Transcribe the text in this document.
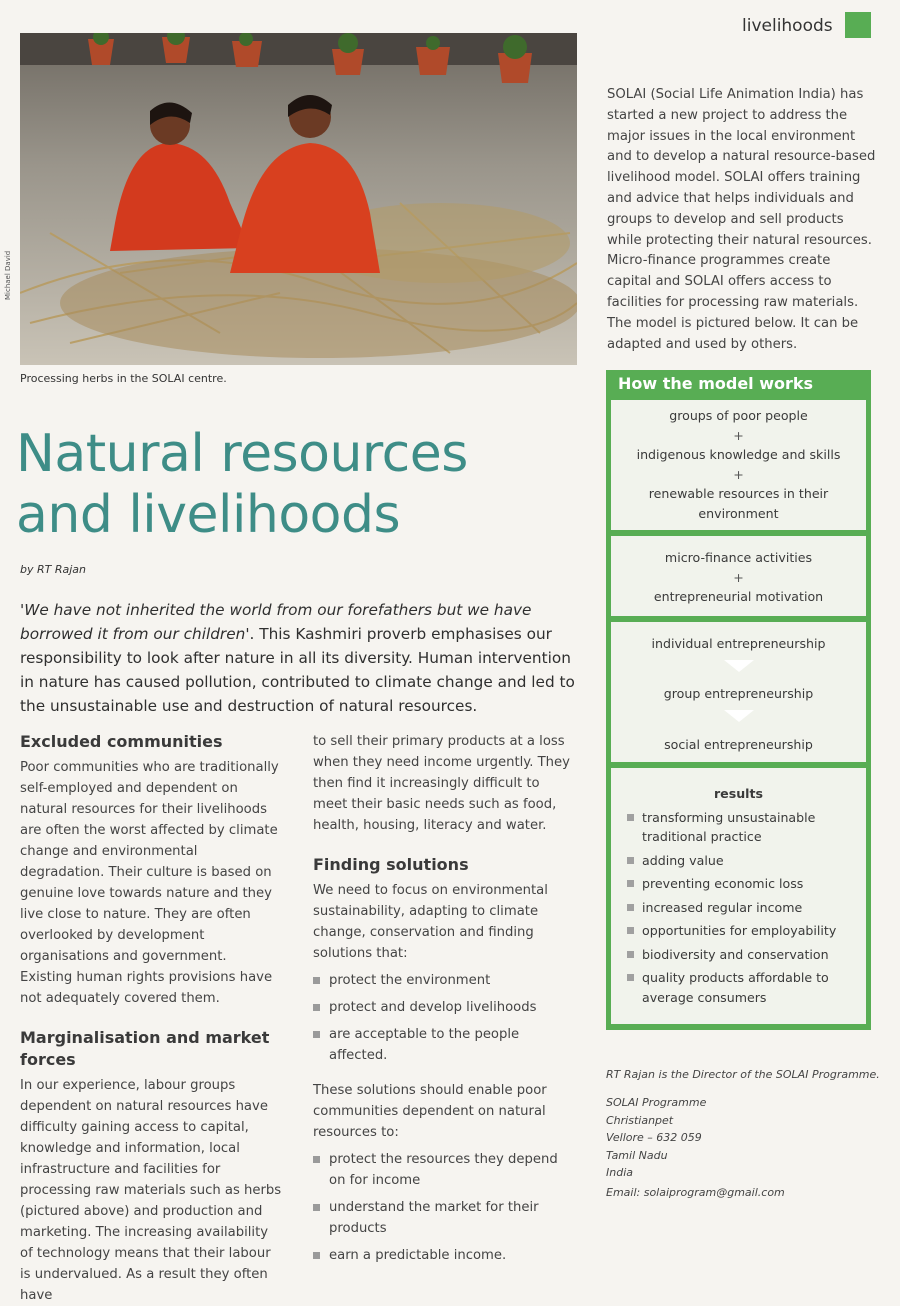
livelihoods
Michael David
Processing herbs in the SOLAI centre.
Natural resources
and livelihoods
by RT Rajan

'We have not inherited the world from our forefathers but we have borrowed it from our children'. This Kashmiri proverb emphasises our responsibility to look after nature in all its diversity. Human intervention in nature has caused pollution, contributed to climate change and led to the unsustainable use and destruction of natural resources.

Excluded communities

Poor communities who are traditionally self-employed and dependent on natural resources for their livelihoods are often the worst affected by climate change and environmental degradation. Their culture is based on genuine love towards nature and they live close to nature. They are often overlooked by development organisations and government. Existing human rights provisions have not adequately covered them.

Marginalisation and market forces

In our experience, labour groups dependent on natural resources have difficulty gaining access to capital, knowledge and information, local infrastructure and facilities for processing raw materials such as herbs (pictured above) and production and marketing. The increasing availability of technology means that their labour is undervalued. As a result they often have

to sell their primary products at a loss when they need income urgently. They then find it increasingly difficult to meet their basic needs such as food, health, housing, literacy and water.

Finding solutions

We need to focus on environmental sustainability, adapting to climate change, conservation and finding solutions that:

protect the environment
protect and develop livelihoods
are acceptable to the people affected.

These solutions should enable poor communities dependent on natural resources to:

protect the resources they depend on for income
understand the market for their products
earn a predictable income.

SOLAI (Social Life Animation India) has started a new project to address the major issues in the local environment and to develop a natural resource-based livelihood model. SOLAI offers training and advice that helps individuals and groups to develop and sell products while protecting their natural resources. Micro-finance programmes create capital and SOLAI offers access to facilities for processing raw materials. The model is pictured below. It can be adapted and used by others.

How the model works
groups of poor people
+
indigenous knowledge and skills
+
renewable resources in their environment
micro-finance activities
+
entrepreneurial motivation
individual entrepreneurship
group entrepreneurship
social entrepreneurship
results
transforming unsustainable traditional practice
adding value
preventing economic loss
increased regular income
opportunities for employability
biodiversity and conservation
quality products affordable to average consumers
RT Rajan is the Director of the SOLAI Programme.
SOLAI Programme
Christianpet
Vellore – 632 059
Tamil Nadu
India
Email: solaiprogram@gmail.com
